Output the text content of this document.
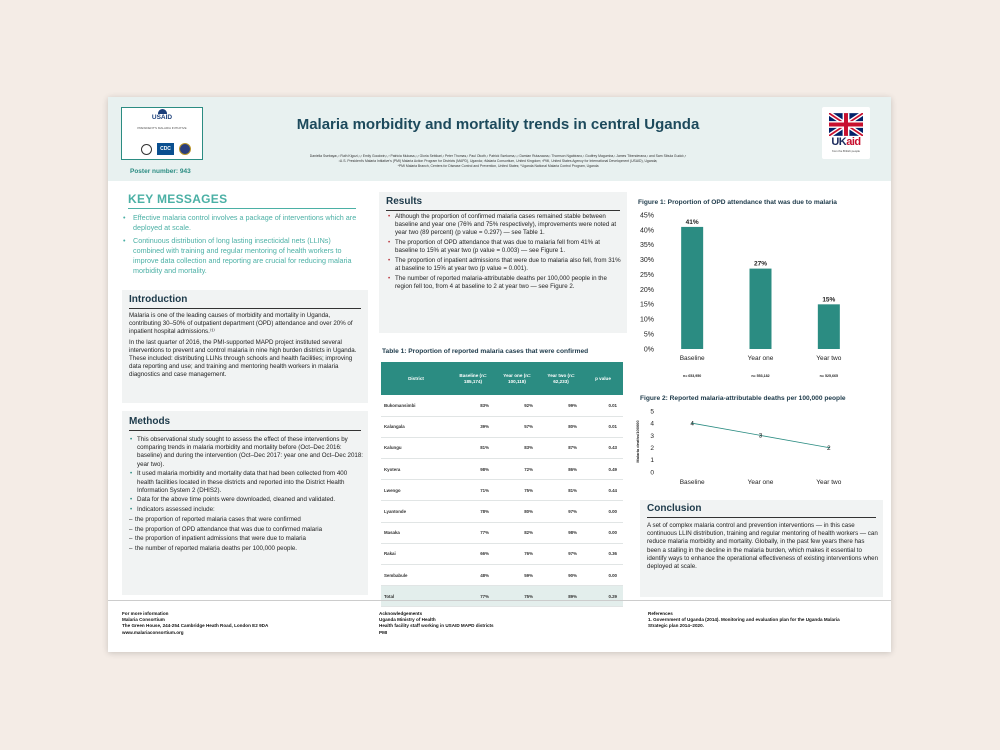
USAID
PRESIDENT'S MALARIA INITIATIVE
CDC
Poster number: 943
Malaria morbidity and mortality trends in central Uganda
Daniella Ssebaya¹,² Ruth Kigozi,¹,² Emily Goodwin,¹,³ Patricia Mukasa,¹,² Gloria Sebikari,¹ Peter Thomas,¹ Paul Okoth,¹ Patrick Ssekoma,¹,² Damian Rutazaana,¹ Thomson Ngabirano,¹ Godfrey Magumba,¹ James Tibenderana,¹ and Sam Sibula Gudoi¹,³
¹U.S. President's Malaria Initiative's (PMI) Malaria Action Program for Districts (MAPD), Uganda; ²Malaria Consortium, United Kingdom; ³PMI, United States Agency for International Development (USAID), Uganda;
⁴PMI Malaria Branch, Centers for Disease Control and Prevention, United States; ⁵Uganda National Malaria Control Program, Uganda
UKaid
from the British people
KEY MESSAGES
• Effective malaria control involves a package of interventions which are deployed at scale.
• Continuous distribution of long lasting insecticidal nets (LLINs) combined with training and regular mentoring of health workers to improve data collection and reporting are crucial for reducing malaria morbidity and mortality.
Introduction

Malaria is one of the leading causes of morbidity and mortality in Uganda, contributing 30–50% of outpatient department (OPD) attendance and over 20% of inpatient hospital admissions.⁽¹⁾

In the last quarter of 2016, the PMI-supported MAPD project instituted several interventions to prevent and control malaria in nine high burden districts in Uganda. These included: distributing LLINs through schools and health facilities; improving data reporting and use; and training and mentoring health workers in malaria diagnostics and case management.

Methods
• This observational study sought to assess the effect of these interventions by comparing trends in malaria morbidity and mortality before (Oct–Dec 2016: baseline) and during the intervention (Oct–Dec 2017: year one and Oct–Dec 2018: year two).
• It used malaria morbidity and mortality data that had been collected from 400 health facilities located in these districts and reported into the District Health Information System 2 (DHIS2).
• Data for the above time points were downloaded, cleaned and validated.
• Indicators assessed include:
– the proportion of reported malaria cases that were confirmed
– the proportion of OPD attendance that was due to confirmed malaria
– the proportion of inpatient admissions that were due to malaria
– the number of reported malaria deaths per 100,000 people.
Results
• Although the proportion of confirmed malaria cases remained stable between baseline and year one (76% and 75% respectively), improvements were noted at year two (89 percent) (p value = 0.297) — see Table 1.
• The proportion of OPD attendance that was due to malaria fell from 41% at baseline to 15% at year two (p value = 0.003) — see Figure 1.
• The proportion of inpatient admissions that were due to malaria also fell, from 31% at baseline to 15% at year two (p value = 0.001).
• The number of reported malaria-attributable deaths per 100,000 people in the region fell too, from 4 at baseline to 2 at year two — see Figure 2.
Table 1: Proportion of reported malaria cases that were confirmed
District	Baseline (n= 185,174)	Year one (n= 100,118)	Year two (n= 62,233)	p value
Bukomansimbi	83%	92%	99%	0.01
Kalangala	39%	57%	80%	0.01
Kalungu	81%	83%	87%	0.43
Kyotera	98%	72%	86%	0.49
Lwengo	71%	75%	81%	0.44
Lyantonde	78%	80%	97%	0.00
Masaka	77%	82%	98%	0.00
Rakai	66%	76%	97%	0.36
Sembabule	48%	59%	90%	0.00
Total	77%	75%	89%	0.29
Figure 1: Proportion of OPD attendance that was due to malaria
0%
5%
10%
15%
20%
25%
30%
35%
40%
45%
41%
Baseline
n= 653,950
27%
Year one
n= 553,182
15%
Year two
n= 525,665
Figure 2: Reported malaria-attributable deaths per 100,000 people
0
1
2
3
4
5
Malaria deaths/100000	4
Baseline
3
Year one
2
Year two
Conclusion
A set of complex malaria control and prevention interventions — in this case continuous LLIN distribution, training and regular mentoring of health workers — can reduce malaria morbidity and mortality. Globally, in the past few years there has been a stalling in the decline in the malaria burden, which makes it essential to identify ways to enhance the operational effectiveness of existing interventions when deployed at scale.
For more information
Malaria Consortium
The Green House, 244-254 Cambridge Heath Road, London E2 9DA
www.malariaconsortium.org
Acknowledgements
Uganda Ministry of Health
Health facility staff working in USAID MAPD districts
PMI
References
1. Government of Uganda (2014). Monitoring and evaluation plan for the Uganda Malaria
Strategic plan 2014–2020.
